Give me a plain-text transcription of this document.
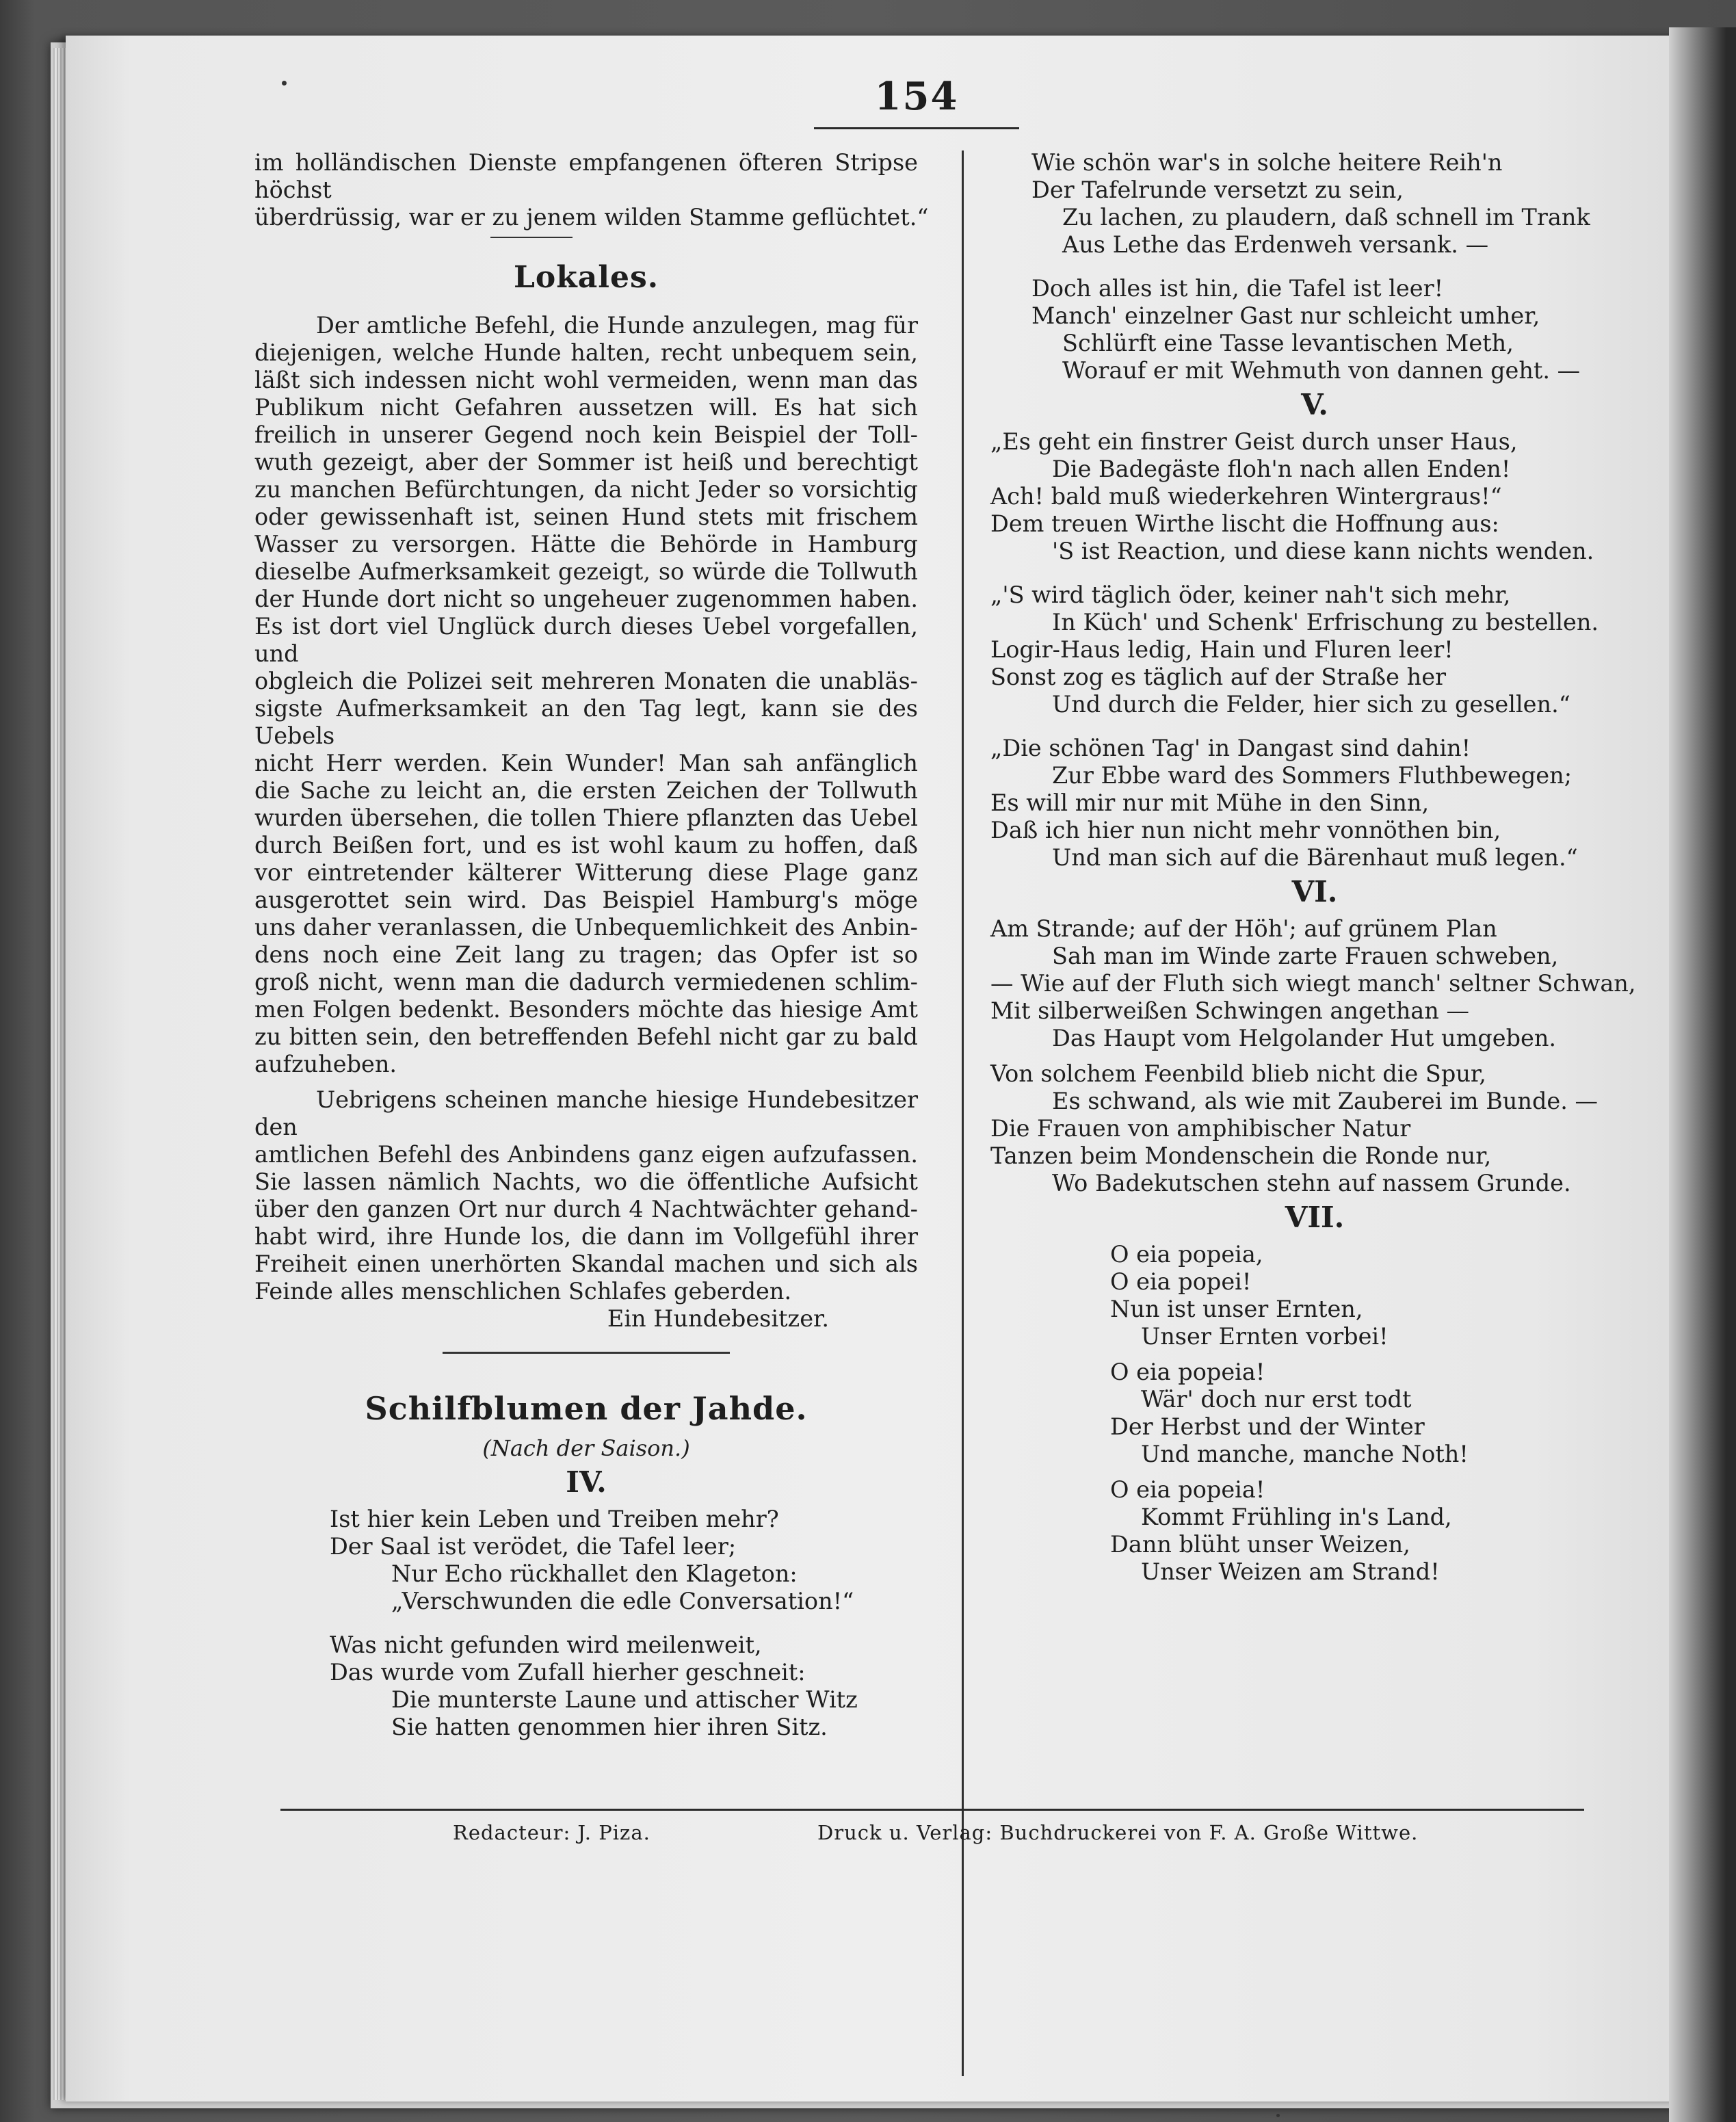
154
im holländischen Dienste empfangenen öfteren Stripse höchst
überdrüssig, war er zu jenem wilden Stamme geflüchtet.“
Lokales.
Der amtliche Befehl, die Hunde anzulegen, mag für
diejenigen, welche Hunde halten, recht unbequem sein,
läßt sich indessen nicht wohl vermeiden, wenn man das
Publikum nicht Gefahren aussetzen will. Es hat sich
freilich in unserer Gegend noch kein Beispiel der Toll-
wuth gezeigt, aber der Sommer ist heiß und berechtigt
zu manchen Befürchtungen, da nicht Jeder so vorsichtig
oder gewissenhaft ist, seinen Hund stets mit frischem
Wasser zu versorgen. Hätte die Behörde in Hamburg
dieselbe Aufmerksamkeit gezeigt, so würde die Tollwuth
der Hunde dort nicht so ungeheuer zugenommen haben.
Es ist dort viel Unglück durch dieses Uebel vorgefallen, und
obgleich die Polizei seit mehreren Monaten die unabläs-
sigste Aufmerksamkeit an den Tag legt, kann sie des Uebels
nicht Herr werden. Kein Wunder! Man sah anfänglich
die Sache zu leicht an, die ersten Zeichen der Tollwuth
wurden übersehen, die tollen Thiere pflanzten das Uebel
durch Beißen fort, und es ist wohl kaum zu hoffen, daß
vor eintretender kälterer Witterung diese Plage ganz
ausgerottet sein wird. Das Beispiel Hamburg's möge
uns daher veranlassen, die Unbequemlichkeit des Anbin-
dens noch eine Zeit lang zu tragen; das Opfer ist so
groß nicht, wenn man die dadurch vermiedenen schlim-
men Folgen bedenkt. Besonders möchte das hiesige Amt
zu bitten sein, den betreffenden Befehl nicht gar zu bald
aufzuheben.
Uebrigens scheinen manche hiesige Hundebesitzer den
amtlichen Befehl des Anbindens ganz eigen aufzufassen.
Sie lassen nämlich Nachts, wo die öffentliche Aufsicht
über den ganzen Ort nur durch 4 Nachtwächter gehand-
habt wird, ihre Hunde los, die dann im Vollgefühl ihrer
Freiheit einen unerhörten Skandal machen und sich als
Feinde alles menschlichen Schlafes geberden.
Ein Hundebesitzer.
Schilfblumen der Jahde.
(Nach der Saison.)
IV.
Ist hier kein Leben und Treiben mehr?
Der Saal ist verödet, die Tafel leer;
Nur Echo rückhallet den Klageton:
„Verschwunden die edle Conversation!“
Was nicht gefunden wird meilenweit,
Das wurde vom Zufall hierher geschneit:
Die munterste Laune und attischer Witz
Sie hatten genommen hier ihren Sitz.
Wie schön war's in solche heitere Reih'n
Der Tafelrunde versetzt zu sein,
Zu lachen, zu plaudern, daß schnell im Trank
Aus Lethe das Erdenweh versank. —
Doch alles ist hin, die Tafel ist leer!
Manch' einzelner Gast nur schleicht umher,
Schlürft eine Tasse levantischen Meth,
Worauf er mit Wehmuth von dannen geht. —
V.
„Es geht ein finstrer Geist durch unser Haus,
Die Badegäste floh'n nach allen Enden!
Ach! bald muß wiederkehren Wintergraus!“
Dem treuen Wirthe lischt die Hoffnung aus:
'S ist Reaction, und diese kann nichts wenden.
„'S wird täglich öder, keiner nah't sich mehr,
In Küch' und Schenk' Erfrischung zu bestellen.
Logir-Haus ledig, Hain und Fluren leer!
Sonst zog es täglich auf der Straße her
Und durch die Felder, hier sich zu gesellen.“
„Die schönen Tag' in Dangast sind dahin!
Zur Ebbe ward des Sommers Fluthbewegen;
Es will mir nur mit Mühe in den Sinn,
Daß ich hier nun nicht mehr vonnöthen bin,
Und man sich auf die Bärenhaut muß legen.“
VI.
Am Strande; auf der Höh'; auf grünem Plan
Sah man im Winde zarte Frauen schweben,
— Wie auf der Fluth sich wiegt manch' seltner Schwan,
Mit silberweißen Schwingen angethan —
Das Haupt vom Helgolander Hut umgeben.
Von solchem Feenbild blieb nicht die Spur,
Es schwand, als wie mit Zauberei im Bunde. —
Die Frauen von amphibischer Natur
Tanzen beim Mondenschein die Ronde nur,
Wo Badekutschen stehn auf nassem Grunde.
VII.
O eia popeia,
O eia popei!
Nun ist unser Ernten,
Unser Ernten vorbei!
O eia popeia!
Wär' doch nur erst todt
Der Herbst und der Winter
Und manche, manche Noth!
O eia popeia!
Kommt Frühling in's Land,
Dann blüht unser Weizen,
Unser Weizen am Strand!
Redacteur: J. Piza.	Druck u. Verlag: Buchdruckerei von F. A. Große Wittwe.
